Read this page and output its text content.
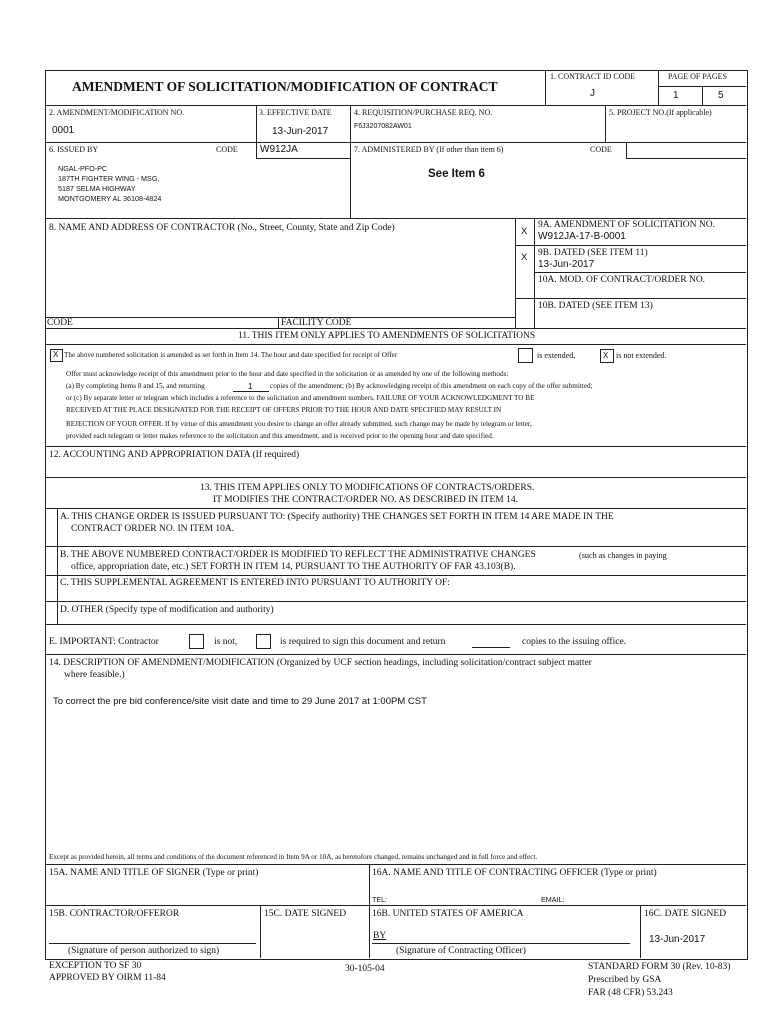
AMENDMENT OF SOLICITATION/MODIFICATION OF CONTRACT
1. CONTRACT ID CODE
J
PAGE OF PAGES
1	5
2. AMENDMENT/MODIFICATION NO.
0001
3. EFFECTIVE DATE
13-Jun-2017
4. REQUISITION/PURCHASE REQ. NO.
F6J3207082AW01
5. PROJECT NO.(If applicable)
6. ISSUED BY	CODE W912JA	7. ADMINISTERED BY (If other than item 6)	CODE
See Item 6
NGAL-PFO-PC
187TH FIGHTER WING - MSG,
5187 SELMA HIGHWAY
MONTGOMERY AL 36108-4824
8. NAME AND ADDRESS OF CONTRACTOR (No., Street, County, State and Zip Code)	X
9A. AMENDMENT OF SOLICITATION NO.
W912JA-17-B-0001
X 9B. DATED (SEE ITEM 11)
13-Jun-2017
10A. MOD. OF CONTRACT/ORDER NO.
10B. DATED (SEE ITEM 13)
CODE	FACILITY CODE
11. THIS ITEM ONLY APPLIES TO AMENDMENTS OF SOLICITATIONS
X The above numbered solicitation is amended as set forth in Item 14. The hour and date specified for receipt of Offer	is extended,	X is not extended.
Offer must acknowledge receipt of this amendment prior to the hour and date specified in the solicitation or as amended by one of the following methods:
(a) By completing Items 8 and 15, and returning	1 copies of the amendment; (b) By acknowledging receipt of this amendment on each copy of the offer submitted;
or (c) By separate letter or telegram which includes a reference to the solicitation and amendment numbers. FAILURE OF YOUR ACKNOWLEDGMENT TO BE
RECEIVED AT THE PLACE DESIGNATED FOR THE RECEIPT OF OFFERS PRIOR TO THE HOUR AND DATE SPECIFIED MAY RESULT IN
REJECTION OF YOUR OFFER. If by virtue of this amendment you desire to change an offer already submitted, such change may be made by telegram or letter,
provided each telegram or letter makes reference to the solicitation and this amendment, and is received prior to the opening hour and date specified.
12. ACCOUNTING AND APPROPRIATION DATA (If required)
13. THIS ITEM APPLIES ONLY TO MODIFICATIONS OF CONTRACTS/ORDERS.
IT MODIFIES THE CONTRACT/ORDER NO. AS DESCRIBED IN ITEM 14.
A. THIS CHANGE ORDER IS ISSUED PURSUANT TO: (Specify authority) THE CHANGES SET FORTH IN ITEM 14 ARE MADE IN THE
CONTRACT ORDER NO. IN ITEM 10A.
B. THE ABOVE NUMBERED CONTRACT/ORDER IS MODIFIED TO REFLECT THE ADMINISTRATIVE CHANGES	(such as changes in paying
office, appropriation date, etc.) SET FORTH IN ITEM 14, PURSUANT TO THE AUTHORITY OF FAR 43.103(B).
C. THIS SUPPLEMENTAL AGREEMENT IS ENTERED INTO PURSUANT TO AUTHORITY OF:
D. OTHER (Specify type of modification and authority)
E. IMPORTANT: Contractor	is not,	is required to sign this document and return	copies to the issuing office.
14. DESCRIPTION OF AMENDMENT/MODIFICATION (Organized by UCF section headings, including solicitation/contract subject matter
where feasible.)
To correct the pre bid conference/site visit date and time to 29 June 2017 at 1:00PM CST
Except as provided herein, all terms and conditions of the document referenced in Item 9A or 10A, as heretofore changed, remains unchanged and in full force and effect.
15A. NAME AND TITLE OF SIGNER (Type or print)	16A. NAME AND TITLE OF CONTRACTING OFFICER (Type or print)
TEL:	EMAIL:
15B. CONTRACTOR/OFFEROR	15C. DATE SIGNED	16B. UNITED STATES OF AMERICA	16C. DATE SIGNED
13-Jun-2017
BY
(Signature of person authorized to sign)	(Signature of Contracting Officer)
EXCEPTION TO SF 30
APPROVED BY OIRM 11-84
30-105-04	STANDARD FORM 30 (Rev. 10-83)
Prescribed by GSA
FAR (48 CFR) 53.243
